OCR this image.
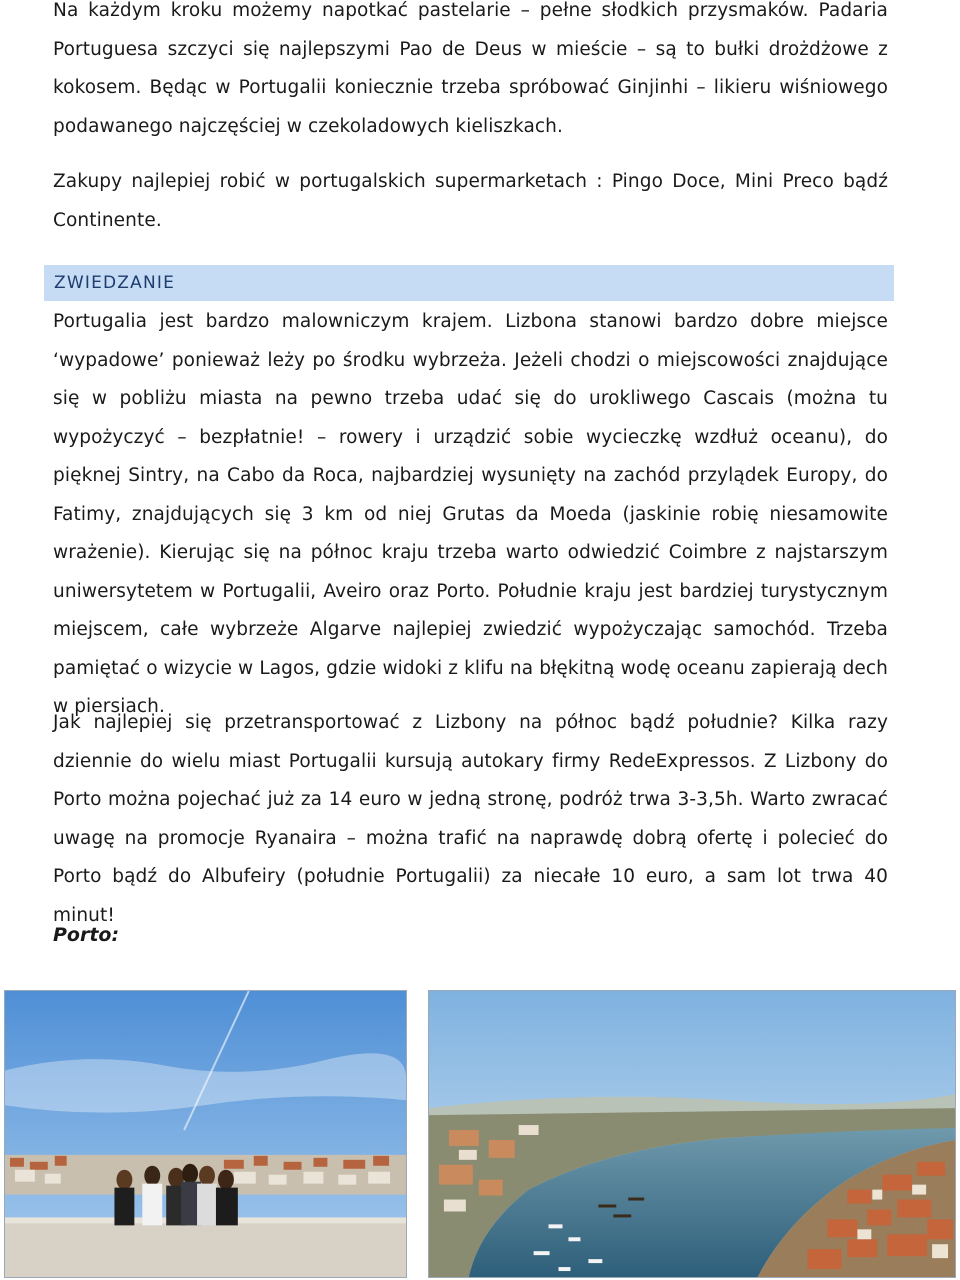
Na każdym kroku możemy napotkać pastelarie – pełne słodkich przysmaków. Padaria Portuguesa szczyci się najlepszymi Pao de Deus w mieście – są to bułki drożdżowe z kokosem. Będąc w Portugalii koniecznie trzeba spróbować Ginjinhi – likieru wiśniowego podawanego najczęściej w czekoladowych kieliszkach.

Zakupy najlepiej robić w portugalskich supermarketach : Pingo Doce, Mini Preco bądź Continente.

ZWIEDZANIE

Portugalia jest bardzo malowniczym krajem. Lizbona stanowi bardzo dobre miejsce ‘wypadowe’ ponieważ leży po środku wybrzeża. Jeżeli chodzi o miejscowości znajdujące się w pobliżu miasta na pewno trzeba udać się do urokliwego Cascais (można tu wypożyczyć – bezpłatnie! – rowery i urządzić sobie wycieczkę wzdłuż oceanu), do pięknej Sintry, na Cabo da Roca, najbardziej wysunięty na zachód przylądek Europy, do Fatimy, znajdujących się 3 km od niej Grutas da Moeda (jaskinie robię niesamowite wrażenie). Kierując się na północ kraju trzeba warto odwiedzić Coimbre z najstarszym uniwersytetem w Portugalii, Aveiro oraz Porto. Południe kraju jest bardziej turystycznym miejscem, całe wybrzeże Algarve najlepiej zwiedzić wypożyczając samochód. Trzeba pamiętać o wizycie w Lagos, gdzie widoki z klifu na błękitną wodę oceanu zapierają dech w piersiach.

Jak najlepiej się przetransportować z Lizbony na północ bądź południe? Kilka razy dziennie do wielu miast Portugalii kursują autokary firmy RedeExpressos. Z Lizbony do Porto można pojechać już za 14 euro w jedną stronę, podróż trwa 3-3,5h. Warto zwracać uwagę na promocje Ryanaira – można trafić na naprawdę dobrą ofertę i polecieć do Porto bądź do Albufeiry (południe Portugalii) za niecałe 10 euro, a sam lot trwa 40 minut!

Porto:
